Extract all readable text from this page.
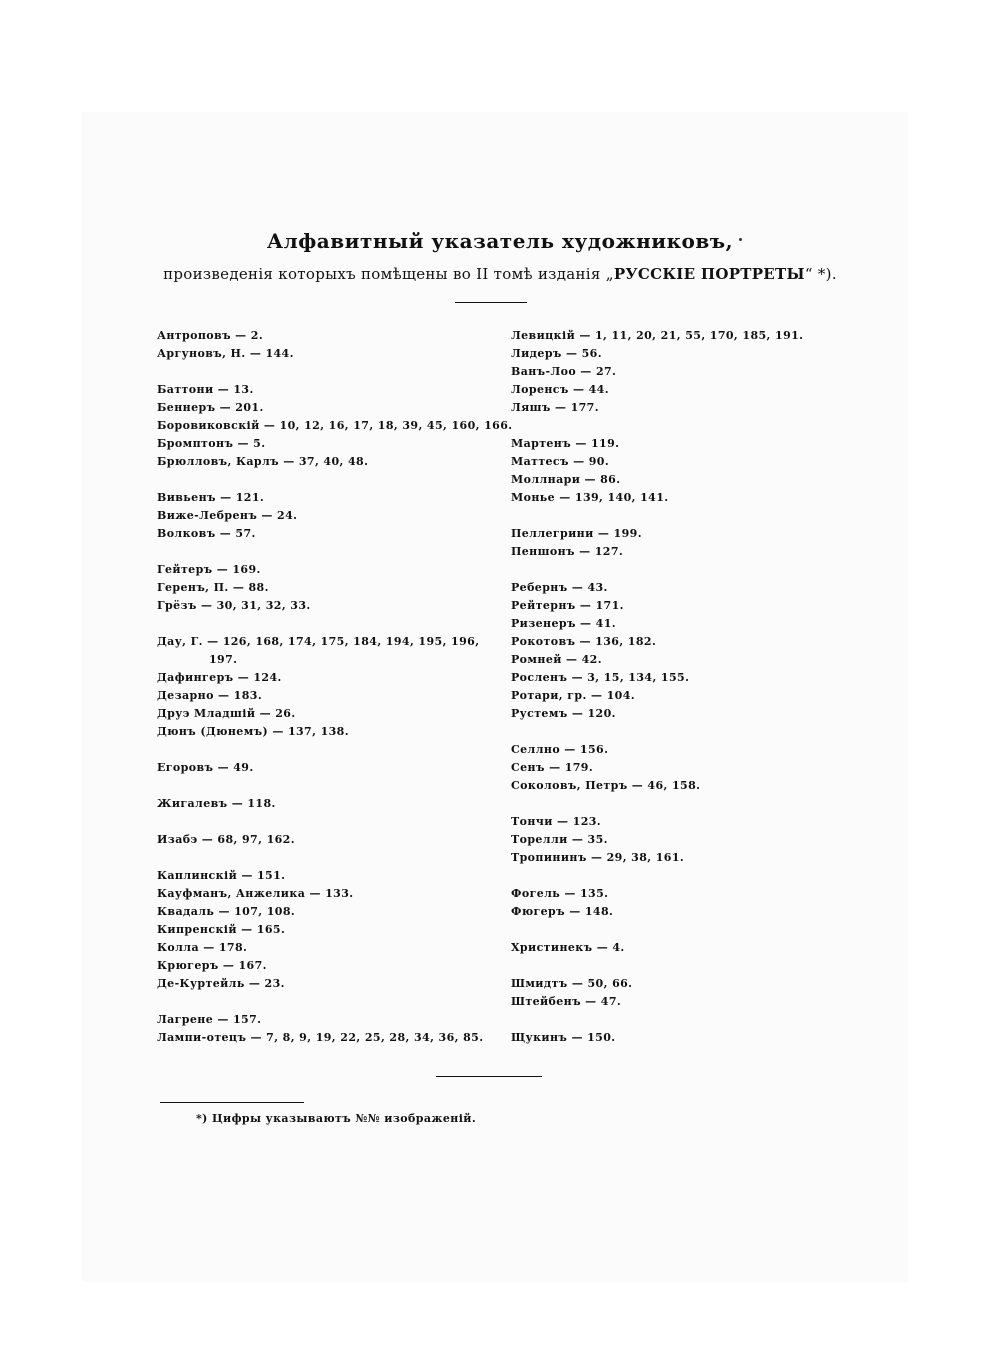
Алфавитный указатель художниковъ,
произведенія которыхъ помѣщены во II томѣ изданія „РУССКІЕ ПОРТРЕТЫ“ *).
Антроповъ — 2.
Аргуновъ, Н. — 144.
Баттони — 13.
Беннеръ — 201.
Боровиковскій — 10, 12, 16, 17, 18, 39, 45, 160, 166.
Бромптонъ — 5.
Брюлловъ, Карлъ — 37, 40, 48.
Вивьенъ — 121.
Виже-Лебренъ — 24.
Волковъ — 57.
Гейтеръ — 169.
Геренъ, П. — 88.
Грёзъ — 30, 31, 32, 33.
Дау, Г. — 126, 168, 174, 175, 184, 194, 195, 196,
197.
Дафингеръ — 124.
Дезарно — 183.
Друэ Младшій — 26.
Дюнъ (Дюнемъ) — 137, 138.
Егоровъ — 49.
Жигалевъ — 118.
Изабэ — 68, 97, 162.
Каплинскій — 151.
Кауфманъ, Анжелика — 133.
Квадаль — 107, 108.
Кипренскій — 165.
Колла — 178.
Крюгеръ — 167.
Де-Куртейль — 23.
Лагрене — 157.
Лампи-отецъ — 7, 8, 9, 19, 22, 25, 28, 34, 36, 85.
Левицкій — 1, 11, 20, 21, 55, 170, 185, 191.
Лидеръ — 56.
Ванъ-Лоо — 27.
Лоренсъ — 44.
Ляшъ — 177.
Мартенъ — 119.
Маттесъ — 90.
Моллнари — 86.
Монье — 139, 140, 141.
Пеллегрини — 199.
Пеншонъ — 127.
Ребернъ — 43.
Рейтернъ — 171.
Ризенеръ — 41.
Рокотовъ — 136, 182.
Ромней — 42.
Росленъ — 3, 15, 134, 155.
Ротари, гр. — 104.
Рустемъ — 120.
Селлно — 156.
Сенъ — 179.
Соколовъ, Петръ — 46, 158.
Тончи — 123.
Торелли — 35.
Тропининъ — 29, 38, 161.
Фогель — 135.
Фюгеръ — 148.
Христинекъ — 4.
Шмидтъ — 50, 66.
Штейбенъ — 47.
Щукинъ — 150.
*) Цифры указываютъ №№ изображеній.
